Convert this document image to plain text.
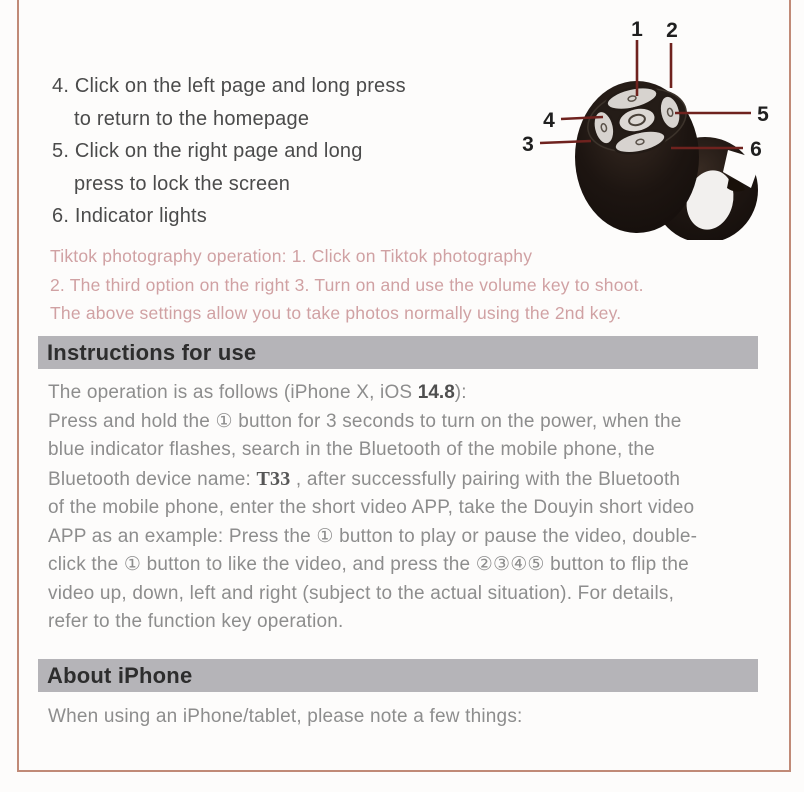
4. Click on the left page and long press
to return to the homepage
5. Click on the right page and long
press to lock the screen
6. Indicator lights
1 2
3
4	5
6
Tiktok photography operation: 1. Click on Tiktok photography
2. The third option on the right 3. Turn on and use the volume key to shoot.
The above settings allow you to take photos normally using the 2nd key.
Instructions for use
The operation is as follows (iPhone X, iOS 14.8):
Press and hold the ① button for 3 seconds to turn on the power, when the
blue indicator flashes, search in the Bluetooth of the mobile phone, the
Bluetooth device name: T33 , after successfully pairing with the Bluetooth
of the mobile phone, enter the short video APP, take the Douyin short video
APP as an example: Press the ① button to play or pause the video, double-
click the ① button to like the video, and press the ②③④⑤ button to flip the
video up, down, left and right (subject to the actual situation). For details,
refer to the function key operation.
About iPhone
When using an iPhone/tablet, please note a few things:
